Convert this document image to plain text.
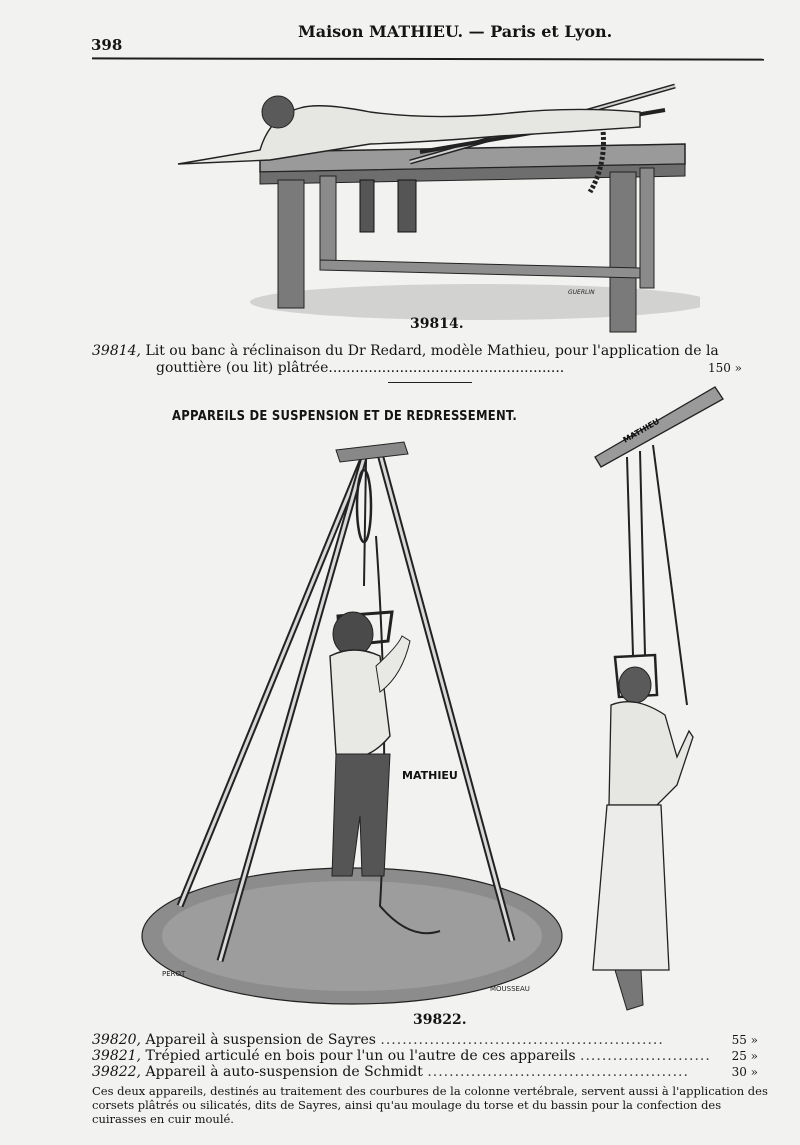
398
Maison MATHIEU. — Paris et Lyon.
GUERLIN
39814.
39814, Lit ou banc à réclinaison du Dr Redard, modèle Mathieu, pour l'application de la
gouttière (ou lit) plâtrée.....................................................	150 »
APPAREILS DE SUSPENSION ET DE REDRESSEMENT.
MATHIEU
PEROT
MOUSSEAU
MATHIEU
39822.
39820, Appareil à suspension de Sayres ....................................................	55 »
39821, Trépied articulé en bois pour l'un ou l'autre de ces appareils ........................ 25 »
39822, Appareil à auto-suspension de Schmidt ................................................	30 »
Ces deux appareils, destinés au traitement des courbures de la colonne vertébrale, servent aussi à l'application des corsets plâtrés ou silicatés, dits de Sayres, ainsi qu'au moulage du torse et du bassin pour la confection des cuirasses en cuir moulé.
